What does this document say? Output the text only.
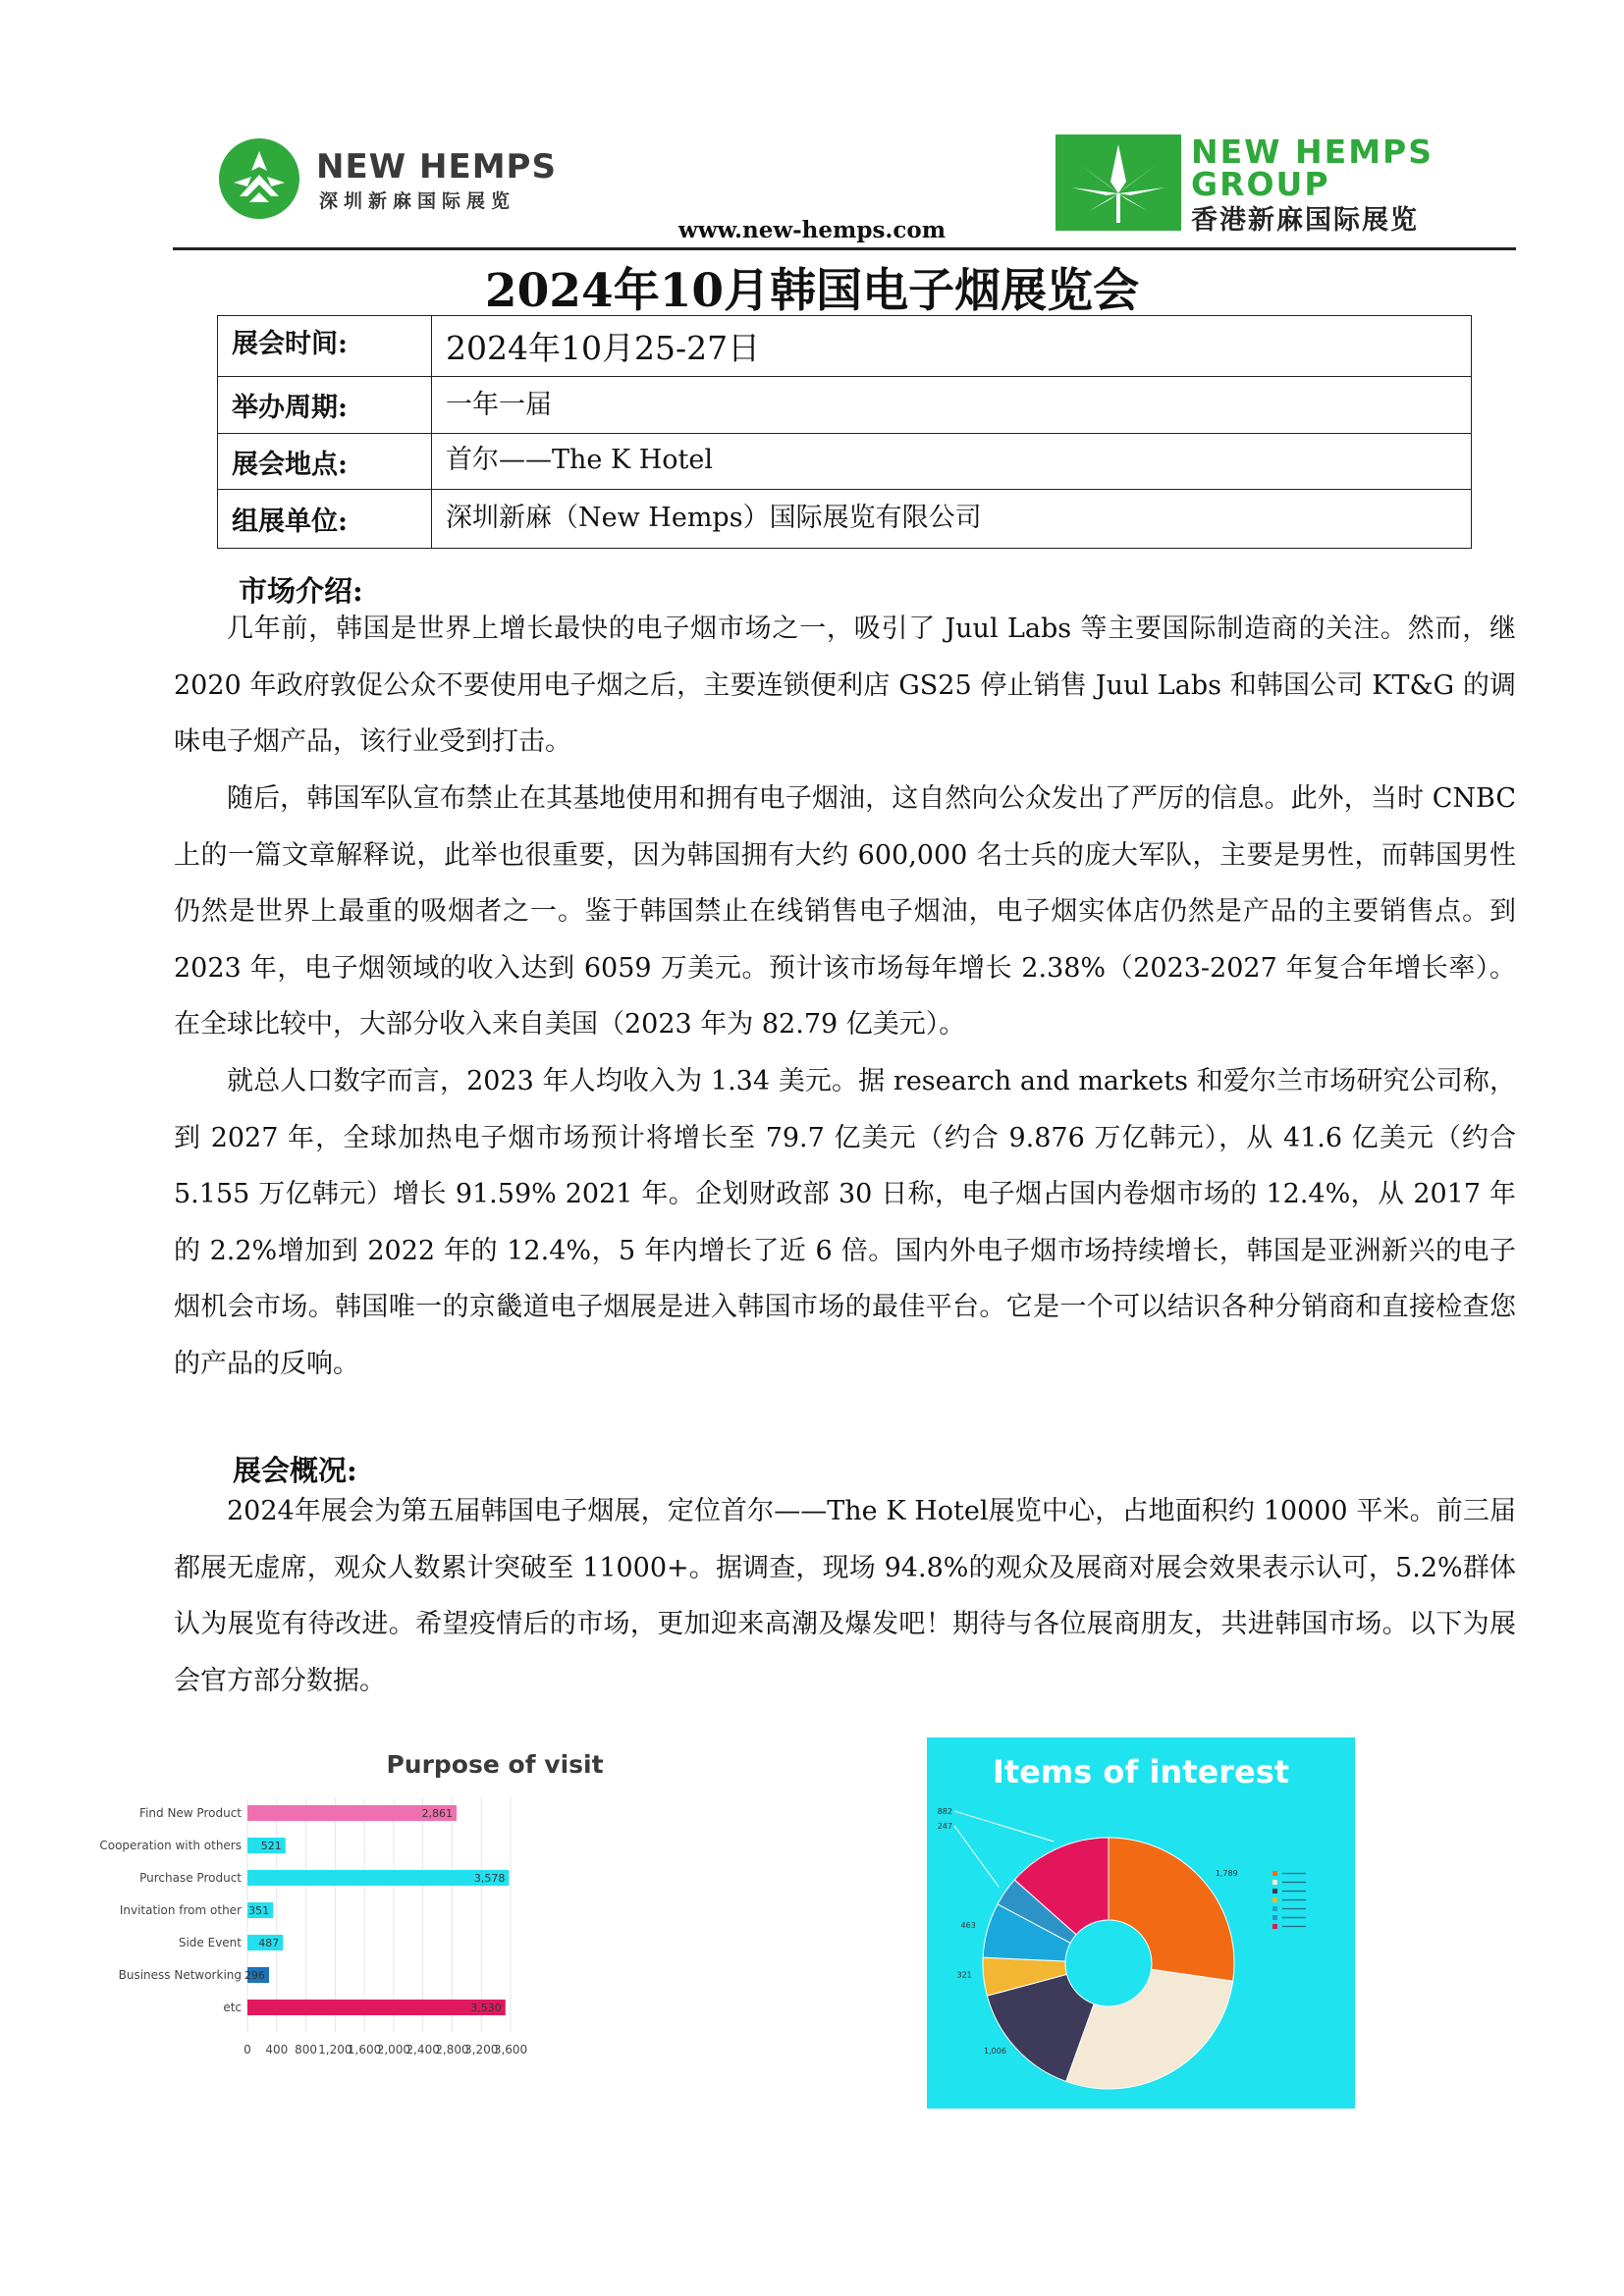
NEW HEMPS
深圳新麻国际展览
NEW HEMPS
GROUP
香港新麻国际展览
www.new-hemps.com
2024年10月韩国电子烟展览会
展会时间:	2024年10月25-27日
举办周期:	一年一届
展会地点:	首尔——The K Hotel
组展单位:	深圳新麻（New Hemps）国际展览有限公司
市场介绍:

几年前，韩国是世界上增长最快的电子烟市场之一，吸引了 Juul Labs 等主要国际制造商的关注。然而，继 2020 年政府敦促公众不要使用电子烟之后，主要连锁便利店 GS25 停止销售 Juul Labs 和韩国公司 KT&G 的调味电子烟产品，该行业受到打击。

随后，韩国军队宣布禁止在其基地使用和拥有电子烟油，这自然向公众发出了严厉的信息。此外，当时 CNBC 上的一篇文章解释说，此举也很重要，因为韩国拥有大约 600,000 名士兵的庞大军队，主要是男性，而韩国男性仍然是世界上最重的吸烟者之一。鉴于韩国禁止在线销售电子烟油，电子烟实体店仍然是产品的主要销售点。到 2023 年，电子烟领域的收入达到 6059 万美元。预计该市场每年增长 2.38%（2023-2027 年复合年增长率）。在全球比较中，大部分收入来自美国（2023 年为 82.79 亿美元）。

就总人口数字而言，2023 年人均收入为 1.34 美元。据 research and markets 和爱尔兰市场研究公司称，到 2027 年，全球加热电子烟市场预计将增长至 79.7 亿美元（约合 9.876 万亿韩元），从 41.6 亿美元（约合 5.155 万亿韩元）增长 91.59% 2021 年。企划财政部 30 日称，电子烟占国内卷烟市场的 12.4%，从 2017 年的 2.2%增加到 2022 年的 12.4%，5 年内增长了近 6 倍。国内外电子烟市场持续增长，韩国是亚洲新兴的电子烟机会市场。韩国唯一的京畿道电子烟展是进入韩国市场的最佳平台。它是一个可以结识各种分销商和直接检查您的产品的反响。

展会概况:

2024年展会为第五届韩国电子烟展，定位首尔——The K Hotel展览中心，占地面积约 10000 平米。前三届都展无虚席，观众人数累计突破至 11000+。据调查，现场 94.8%的观众及展商对展会效果表示认可，5.2%群体认为展览有待改进。希望疫情后的市场，更加迎来高潮及爆发吧！期待与各位展商朋友，共进韩国市场。以下为展会官方部分数据。

Purpose of visit
0 400 800 1,200
1,600
2,000
2,400
2,800
3,200
3,600
Find New Product	2,861
Cooperation with others 521
Purchase Product	3,578
Invitation from other 351
Side Event 487
Business Networking 296
etc	3,530
Items of interest
1,789
882
247
1,006
321
463
